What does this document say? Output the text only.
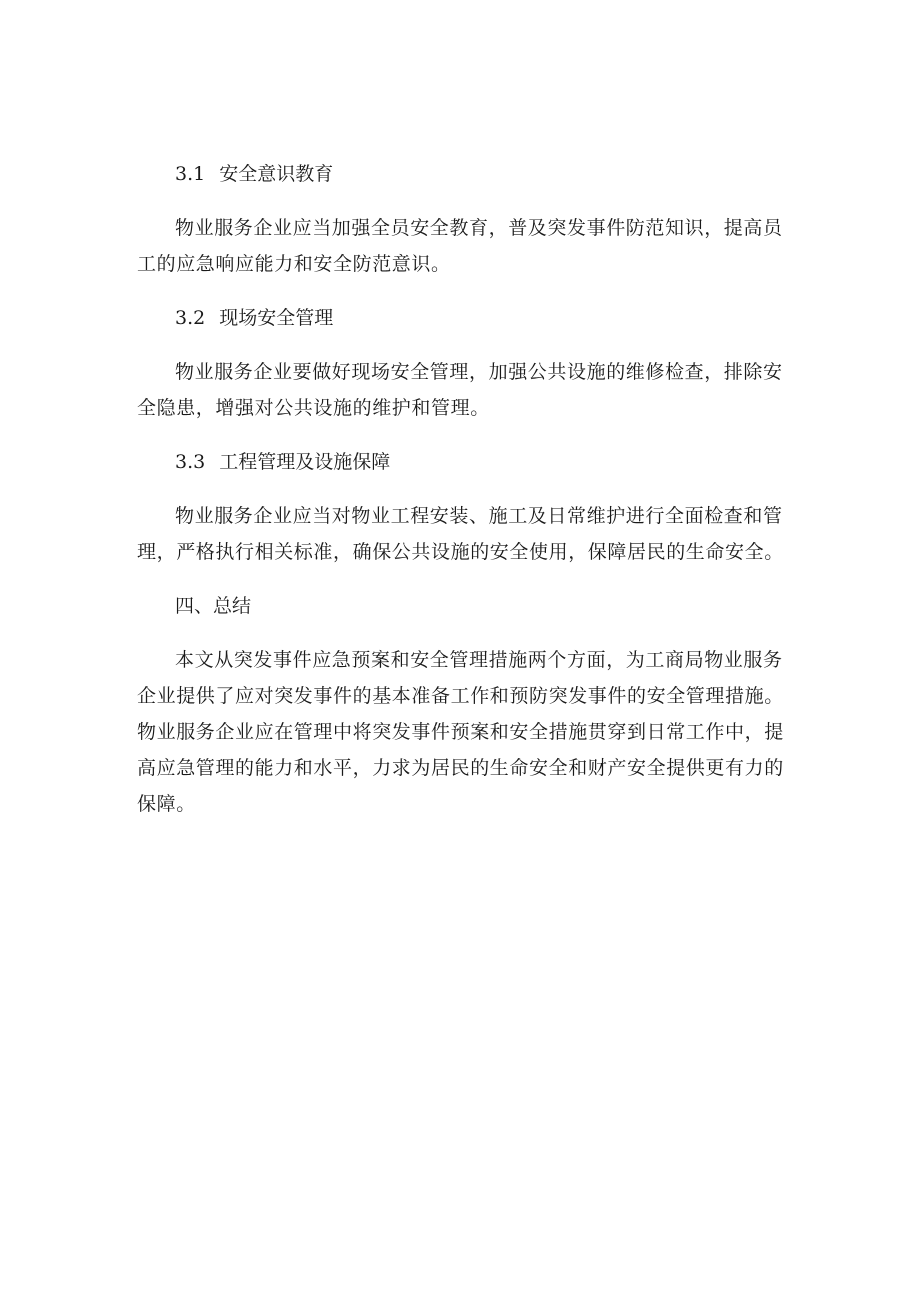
3.1 安全意识教育
物业服务企业应当加强全员安全教育，普及突发事件防范知识，提高员
工的应急响应能力和安全防范意识。
3.2 现场安全管理
物业服务企业要做好现场安全管理，加强公共设施的维修检查，排除安
全隐患，增强对公共设施的维护和管理。
3.3 工程管理及设施保障
物业服务企业应当对物业工程安装、施工及日常维护进行全面检查和管
理，严格执行相关标准，确保公共设施的安全使用，保障居民的生命安全。
四、总结
本文从突发事件应急预案和安全管理措施两个方面，为工商局物业服务
企业提供了应对突发事件的基本准备工作和预防突发事件的安全管理措施。
物业服务企业应在管理中将突发事件预案和安全措施贯穿到日常工作中，提
高应急管理的能力和水平，力求为居民的生命安全和财产安全提供更有力的
保障。
